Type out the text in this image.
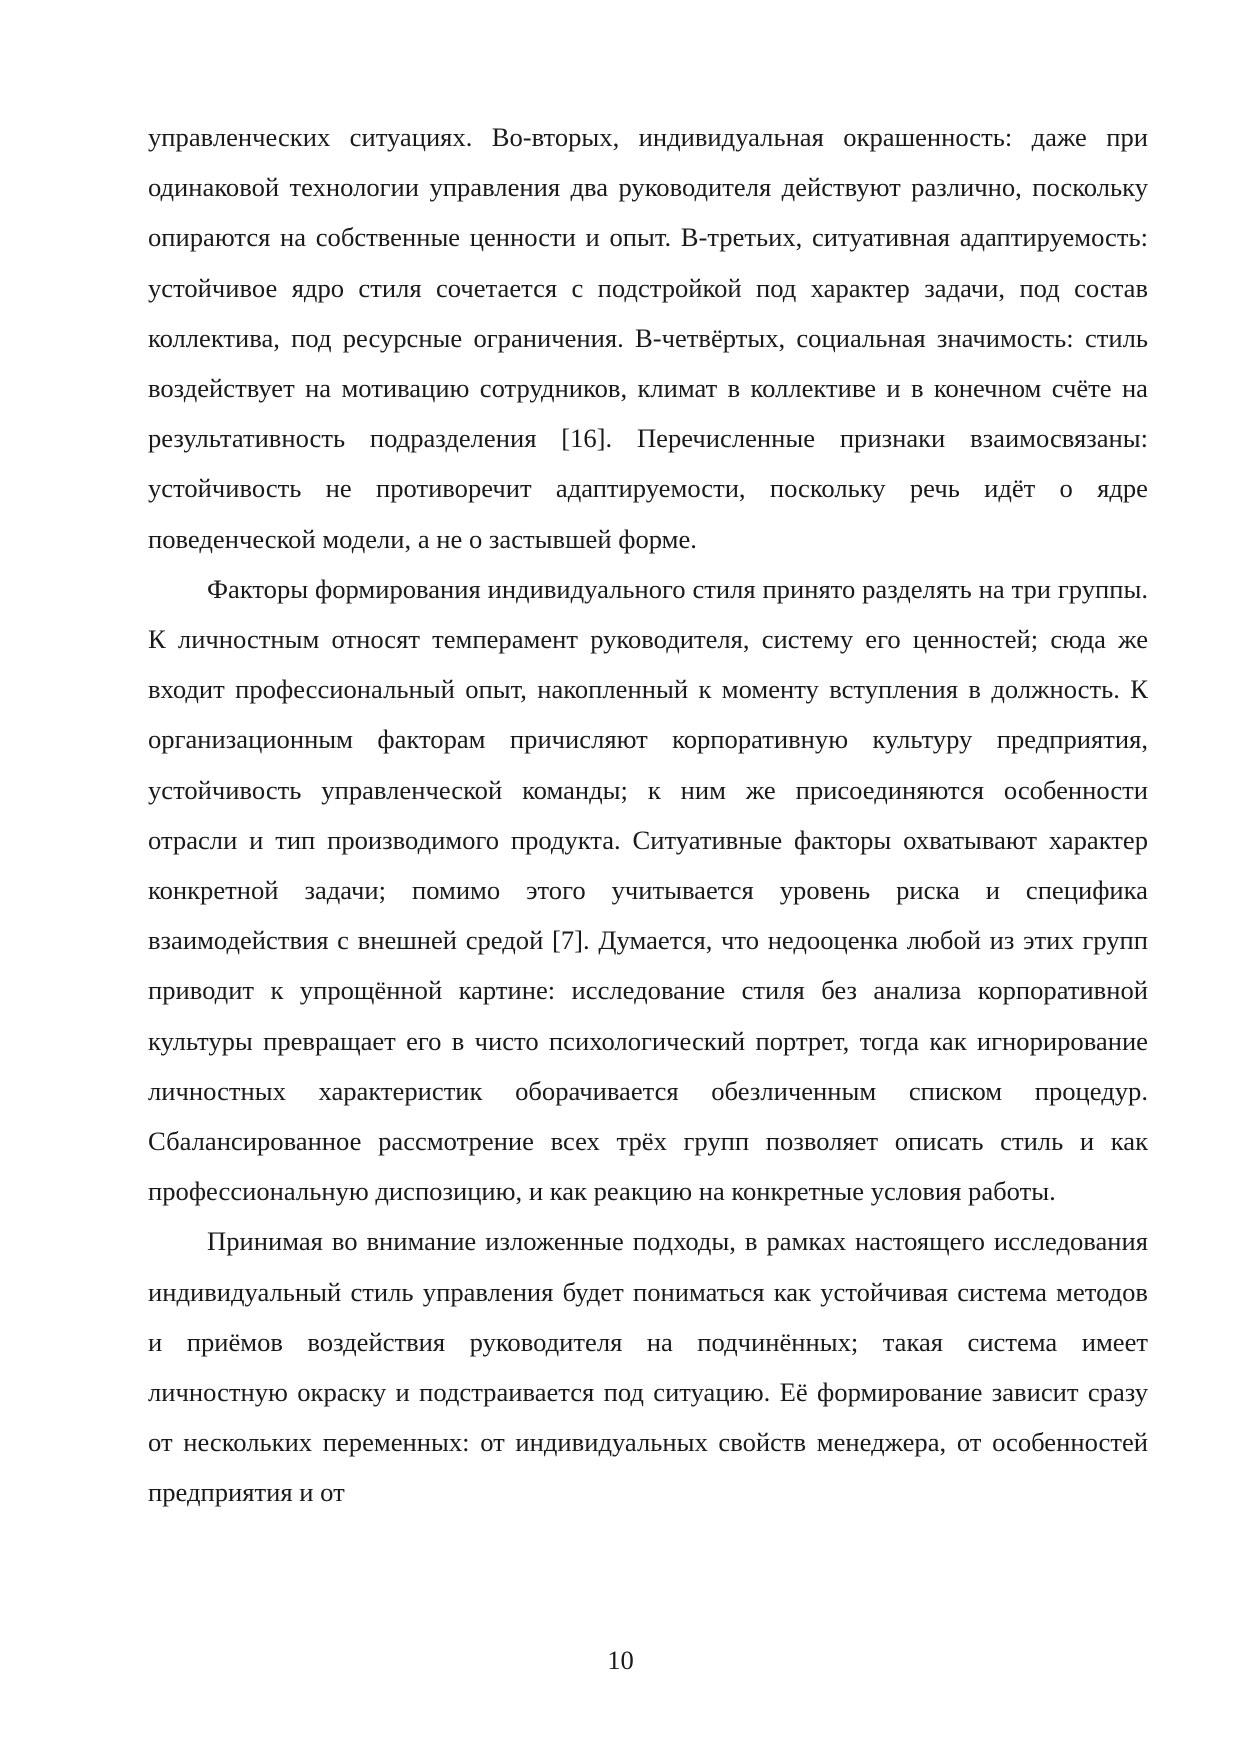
управленческих ситуациях. Во-вторых, индивидуальная окрашенность: даже при одинаковой технологии управления два руководителя действуют различно, поскольку опираются на собственные ценности и опыт. В-третьих, ситуативная адаптируемость: устойчивое ядро стиля сочетается с подстройкой под характер задачи, под состав коллектива, под ресурсные ограничения. В-четвёртых, социальная значимость: стиль воздействует на мотивацию сотрудников, климат в коллективе и в конечном счёте на результативность подразделения [16]. Перечисленные признаки взаимосвязаны: устойчивость не противоречит адаптируемости, поскольку речь идёт о ядре поведенческой модели, а не о застывшей форме.

Факторы формирования индивидуального стиля принято разделять на три группы. К личностным относят темперамент руководителя, систему его ценностей; сюда же входит профессиональный опыт, накопленный к моменту вступления в должность. К организационным факторам причисляют корпоративную культуру предприятия, устойчивость управленческой команды; к ним же присоединяются особенности отрасли и тип производимого продукта. Ситуативные факторы охватывают характер конкретной задачи; помимо этого учитывается уровень риска и специфика взаимодействия с внешней средой [7]. Думается, что недооценка любой из этих групп приводит к упрощённой картине: исследование стиля без анализа корпоративной культуры превращает его в чисто психологический портрет, тогда как игнорирование личностных характеристик оборачивается обезличенным списком процедур. Сбалансированное рассмотрение всех трёх групп позволяет описать стиль и как профессиональную диспозицию, и как реакцию на конкретные условия работы.

Принимая во внимание изложенные подходы, в рамках настоящего исследования индивидуальный стиль управления будет пониматься как устойчивая система методов и приёмов воздействия руководителя на подчинённых; такая система имеет личностную окраску и подстраивается под ситуацию. Её формирование зависит сразу от нескольких переменных: от индивидуальных свойств менеджера, от особенностей предприятия и от

10
